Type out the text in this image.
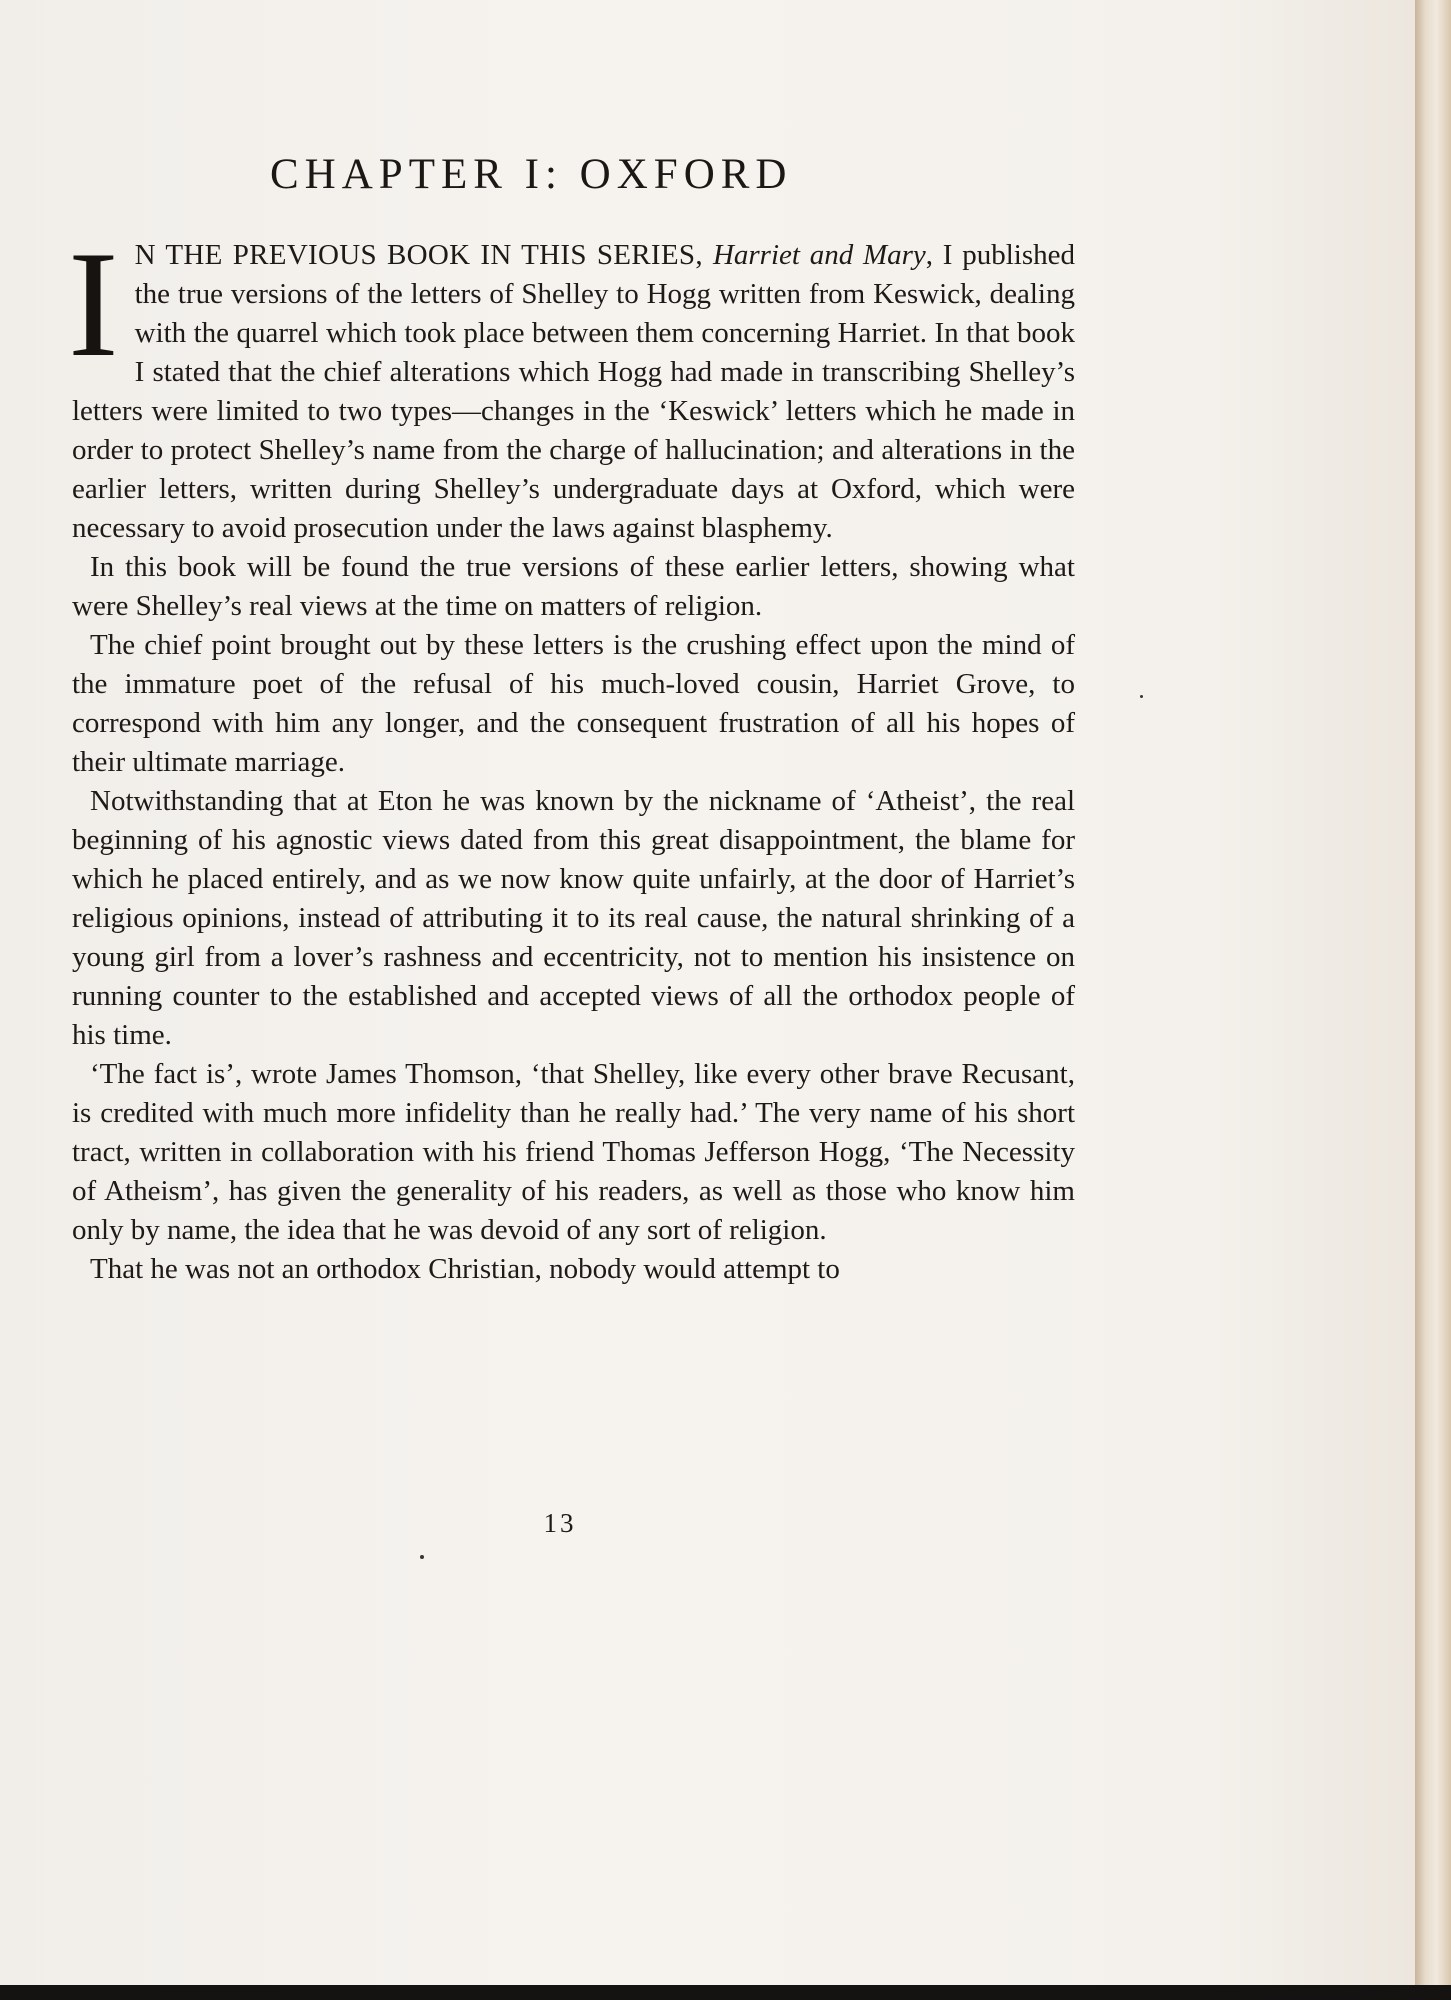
CHAPTER I: OXFORD

I N THE PREVIOUS BOOK IN THIS SERIES, Harriet and Mary, I published the true versions of the letters of Shelley to Hogg written from Keswick, dealing with the quarrel which took place between them concerning Harriet. In that book I stated that the chief alterations which Hogg had made in transcribing Shelley’s letters were limited to two types—changes in the ‘Keswick’ letters which he made in order to protect Shelley’s name from the charge of hallucination; and alterations in the earlier letters, written during Shelley’s undergraduate days at Oxford, which were necessary to avoid prosecution under the laws against blasphemy.

In this book will be found the true versions of these earlier letters, showing what were Shelley’s real views at the time on matters of religion.

The chief point brought out by these letters is the crushing effect upon the mind of the immature poet of the refusal of his much-loved cousin, Harriet Grove, to correspond with him any longer, and the consequent frustration of all his hopes of their ultimate marriage.

Notwithstanding that at Eton he was known by the nickname of ‘Atheist’, the real beginning of his agnostic views dated from this great disappointment, the blame for which he placed entirely, and as we now know quite unfairly, at the door of Harriet’s religious opinions, instead of attributing it to its real cause, the natural shrinking of a young girl from a lover’s rashness and eccentricity, not to mention his insistence on running counter to the established and accepted views of all the orthodox people of his time.

‘The fact is’, wrote James Thomson, ‘that Shelley, like every other brave Recusant, is credited with much more infidelity than he really had.’ The very name of his short tract, written in collaboration with his friend Thomas Jefferson Hogg, ‘The Necessity of Atheism’, has given the generality of his readers, as well as those who know him only by name, the idea that he was devoid of any sort of religion.

That he was not an orthodox Christian, nobody would attempt to

13
